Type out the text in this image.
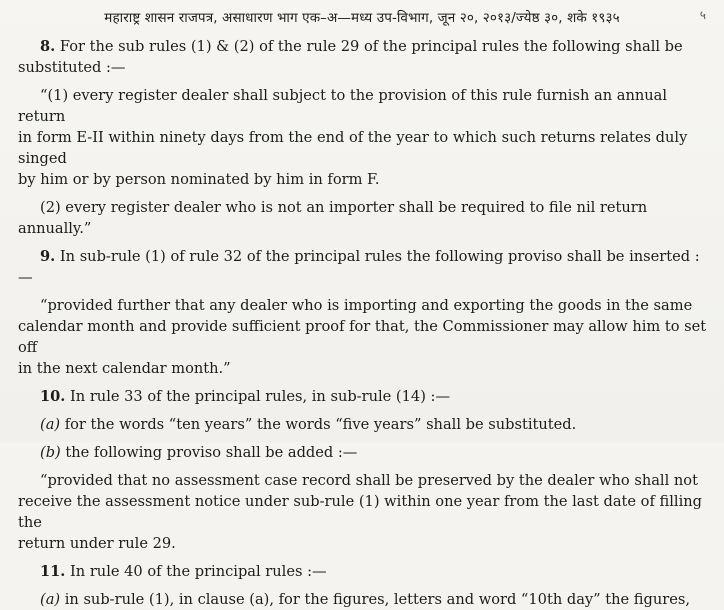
महाराष्ट्र शासन राजपत्र, असाधारण भाग एक–अ—मध्य उप-विभाग, जून २०, २०१३/ज्येष्ठ ३०, शके १९३५	५

8. For the sub rules (1) & (2) of the rule 29 of the principal rules the following shall be

substituted :—

“(1) every register dealer shall subject to the provision of this rule furnish an annual return

in form E-II within ninety days from the end of the year to which such returns relates duly singed

by him or by person nominated by him in form F.

(2) every register dealer who is not an importer shall be required to file nil return annually.”

9. In sub-rule (1) of rule 32 of the principal rules the following proviso shall be inserted :—

“provided further that any dealer who is importing and exporting the goods in the same

calendar month and provide sufficient proof for that, the Commissioner may allow him to set off

in the next calendar month.”

10. In rule 33 of the principal rules, in sub-rule (14) :—

(a) for the words “ten years” the words “five years” shall be substituted.

(b) the following proviso shall be added :—

“provided that no assessment case record shall be preserved by the dealer who shall not

receive the assessment notice under sub-rule (1) within one year from the last date of filling the

return under rule 29.

11. In rule 40 of the principal rules :—

(a) in sub-rule (1), in clause (a), for the figures, letters and word “10th day” the figures,
